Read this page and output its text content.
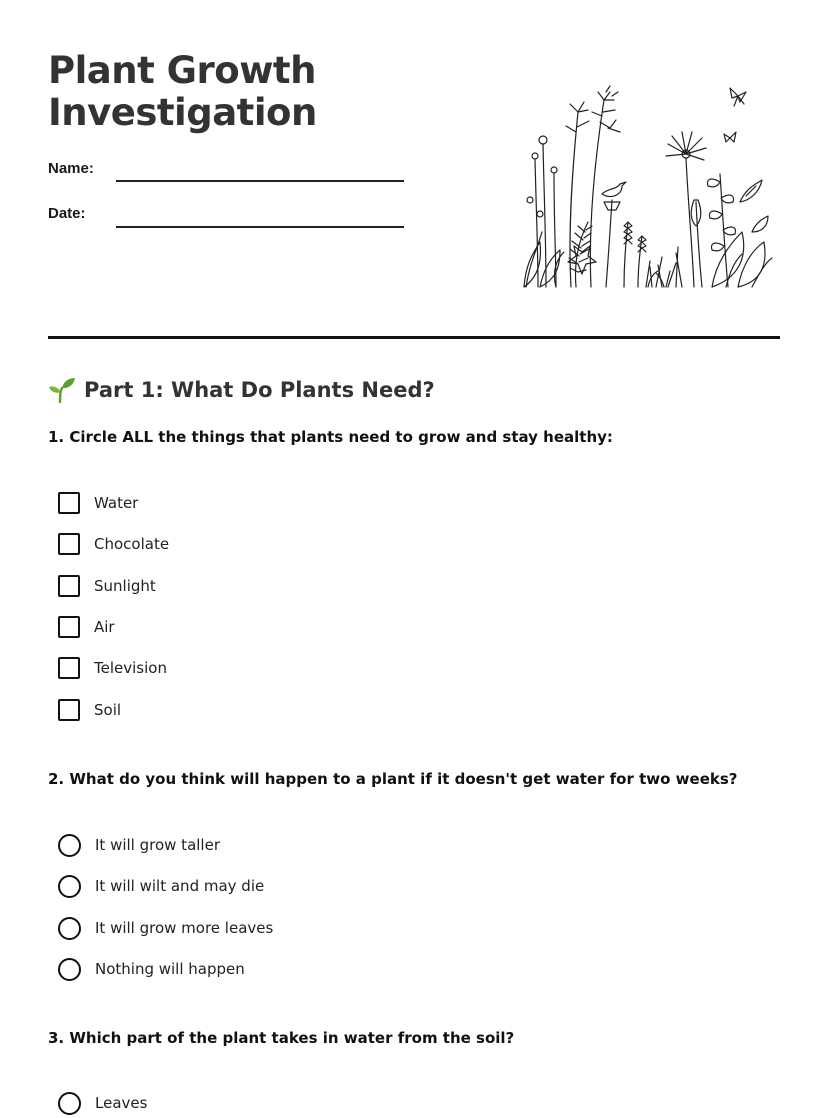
Plant Growth
Investigation
Name:
Date:
Part 1: What Do Plants Need?
1. Circle ALL the things that plants need to grow and stay healthy:
Water
Chocolate
Sunlight
Air
Television
Soil
2. What do you think will happen to a plant if it doesn't get water for two weeks?
It will grow taller
It will wilt and may die
It will grow more leaves
Nothing will happen
3. Which part of the plant takes in water from the soil?
Leaves
